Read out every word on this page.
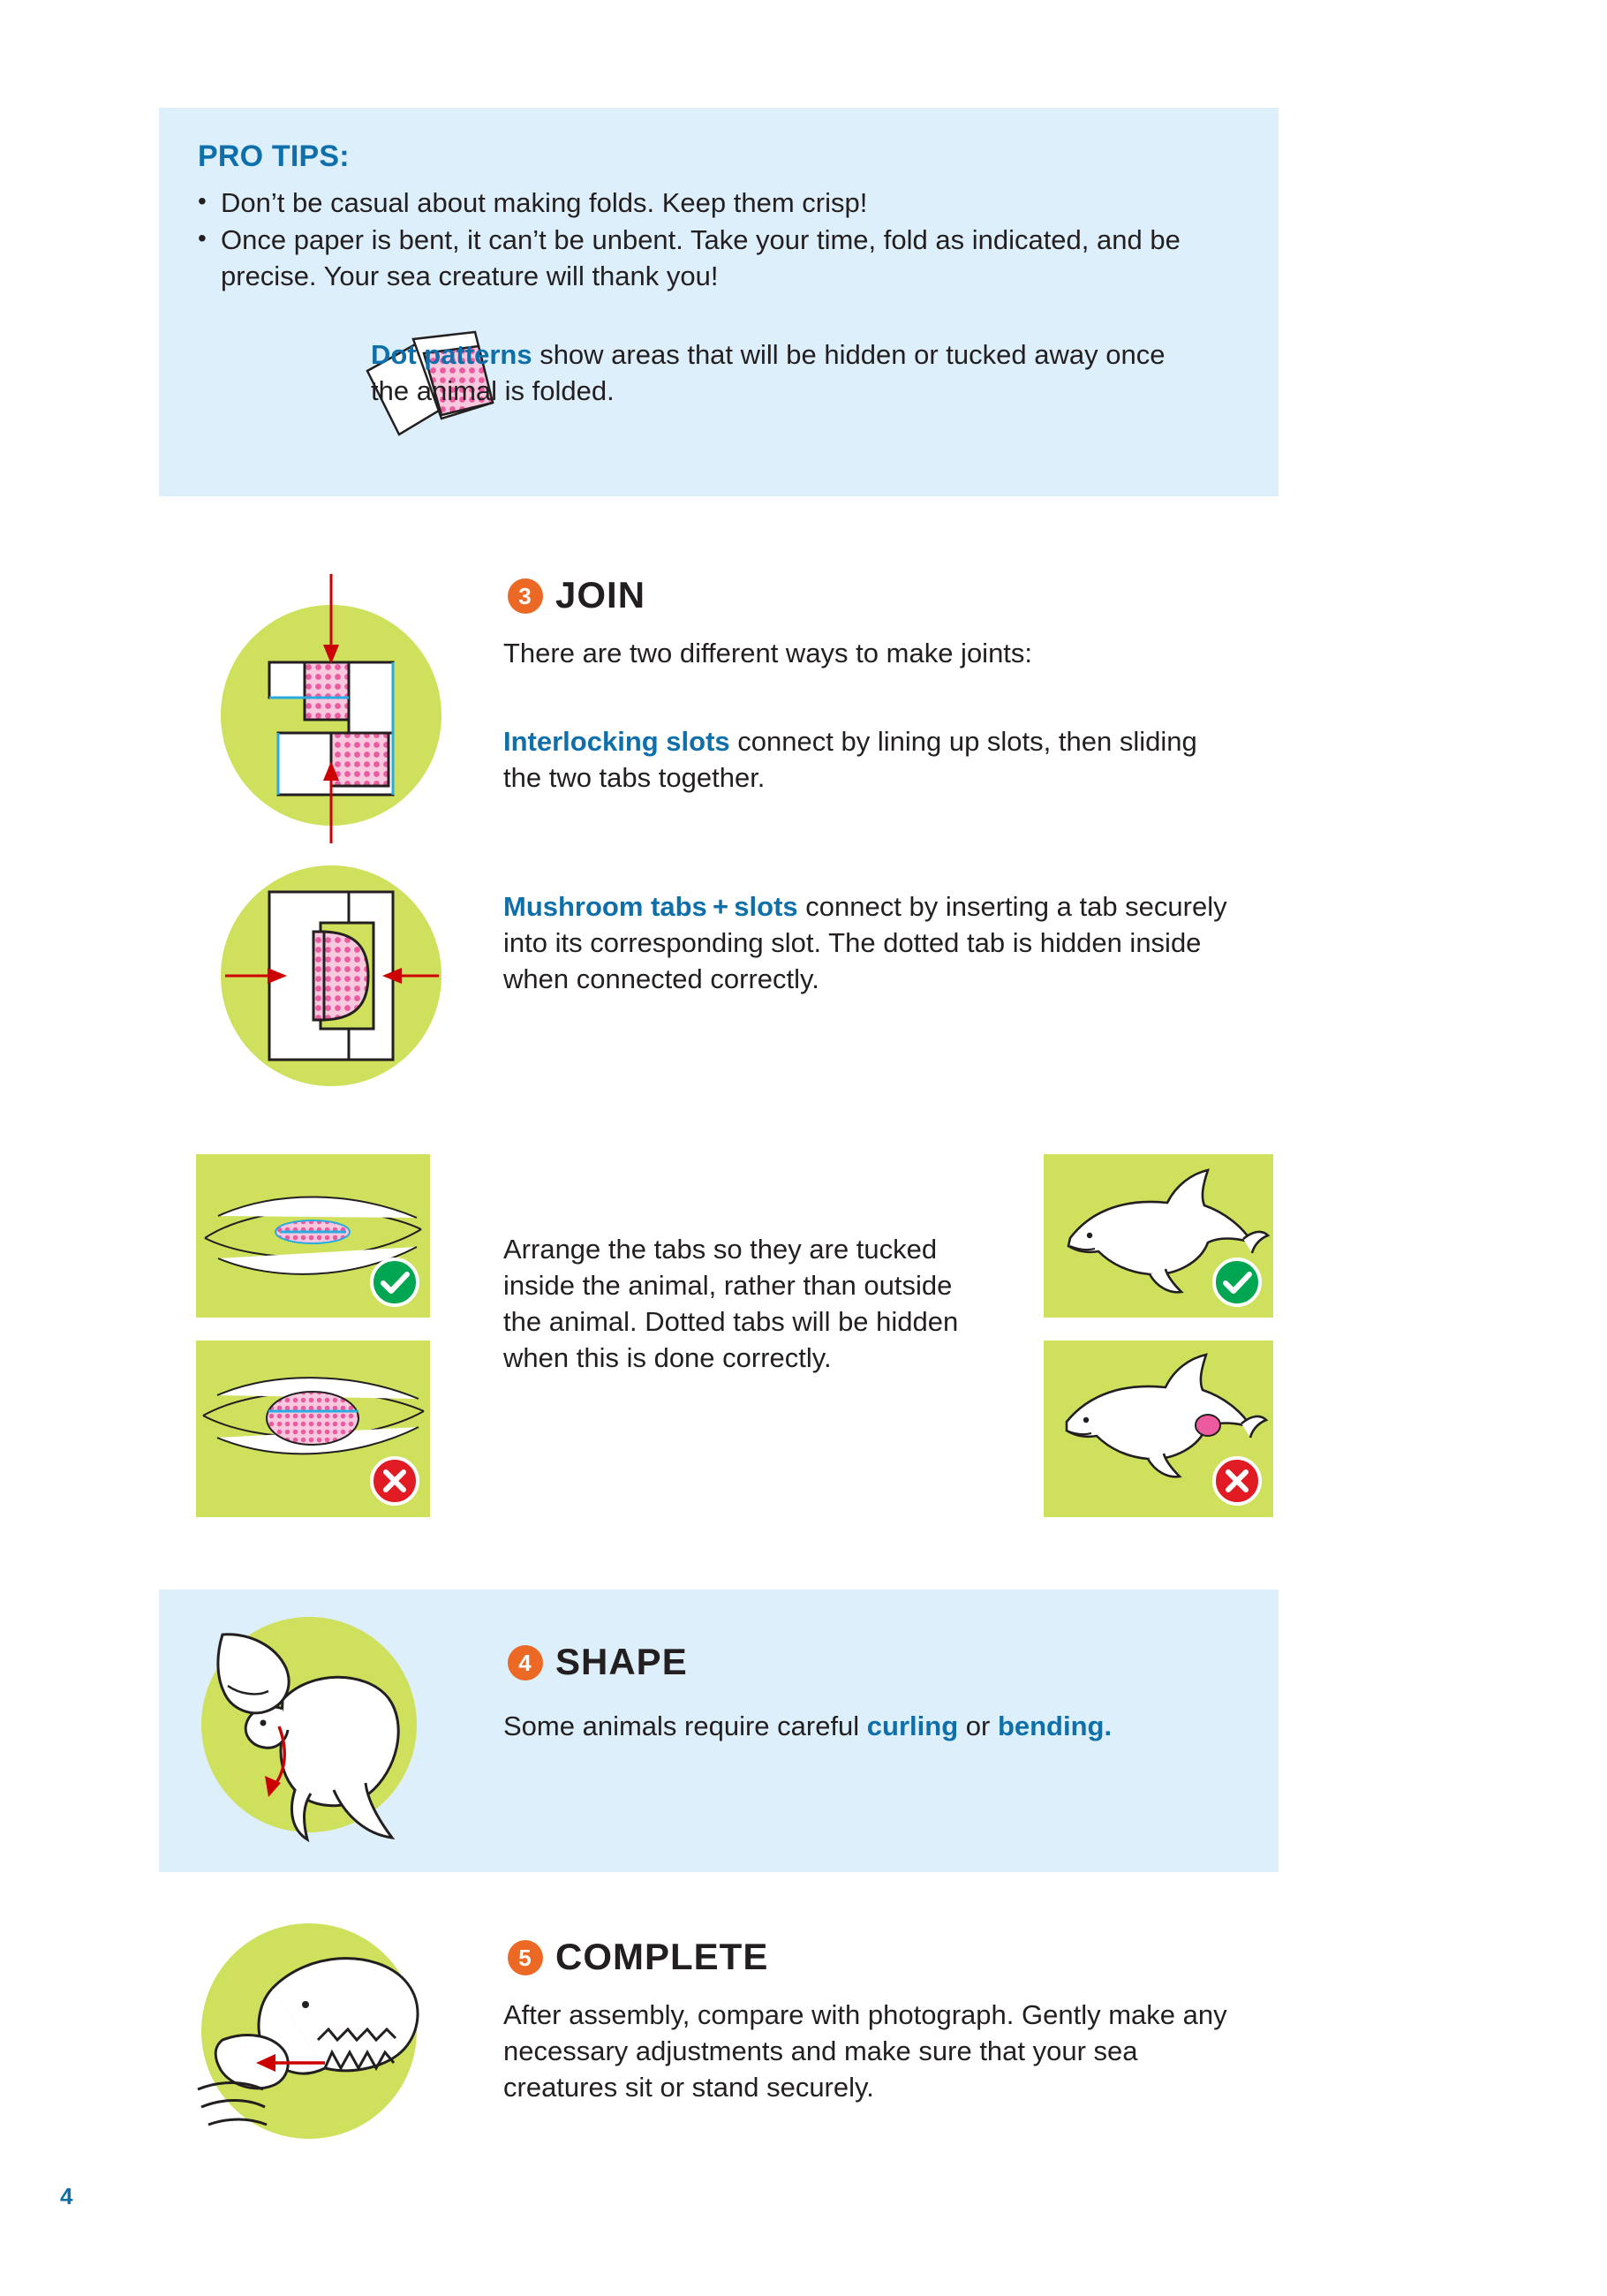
PRO TIPS:
• Don’t be casual about making folds. Keep them crisp!
• Once paper is bent, it can’t be unbent. Take your time, fold as indicated, and be precise. Your sea creature will thank you!
Dot patterns show areas that will be hidden or tucked away once the animal is folded.
3 JOIN
There are two different ways to make joints:
Interlocking slots connect by lining up slots, then sliding the two tabs together.
Mushroom tabs + slots connect by inserting a tab securely into its corresponding slot. The dotted tab is hidden inside when connected correctly.
Arrange the tabs so they are tucked inside the animal, rather than outside the animal. Dotted tabs will be hidden when this is done correctly.
4 SHAPE
Some animals require careful curling or bending.
5 COMPLETE
After assembly, compare with photograph. Gently make any necessary adjustments and make sure that your sea creatures sit or stand securely.
4
